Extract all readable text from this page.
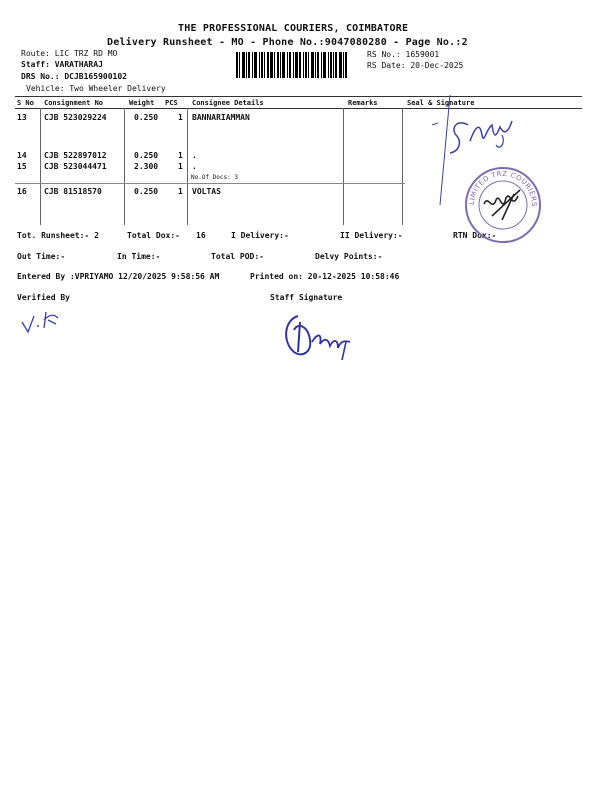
THE PROFESSIONAL COURIERS, COIMBATORE
Delivery Runsheet - MO - Phone No.:9047080280 - Page No.:2
Route: LIC TRZ RD MO
Staff: VARATHARAJ
DRS No.: DCJB165900102
Vehicle: Two Wheeler Delivery
RS No.: 1659001
RS Date: 20-Dec-2025
S No Consignment No	Weight PCS Consignee Details	Remarks	Seal & Signature
13 CJB 523029224	0.250 1 BANNARIAMMAN
14 CJB 522897012	0.250 1 .
15 CJB 523044471	2.300 1 .
No.Of Docs: 3
16 CJB 81518570	0.250 1 VOLTAS
Tot. Runsheet:- 2	Total Dox:- 16	I Delivery:-	II Delivery:-	RTN Dox:-
Out Time:-	In Time:-	Total POD:-	Delvy Points:-
Entered By :VPRIYAMO 12/20/2025 9:58:56 AM	Printed on: 20-12-2025 10:58:46
Verified By	Staff Signature
LIMITED TRZ COURIERS
